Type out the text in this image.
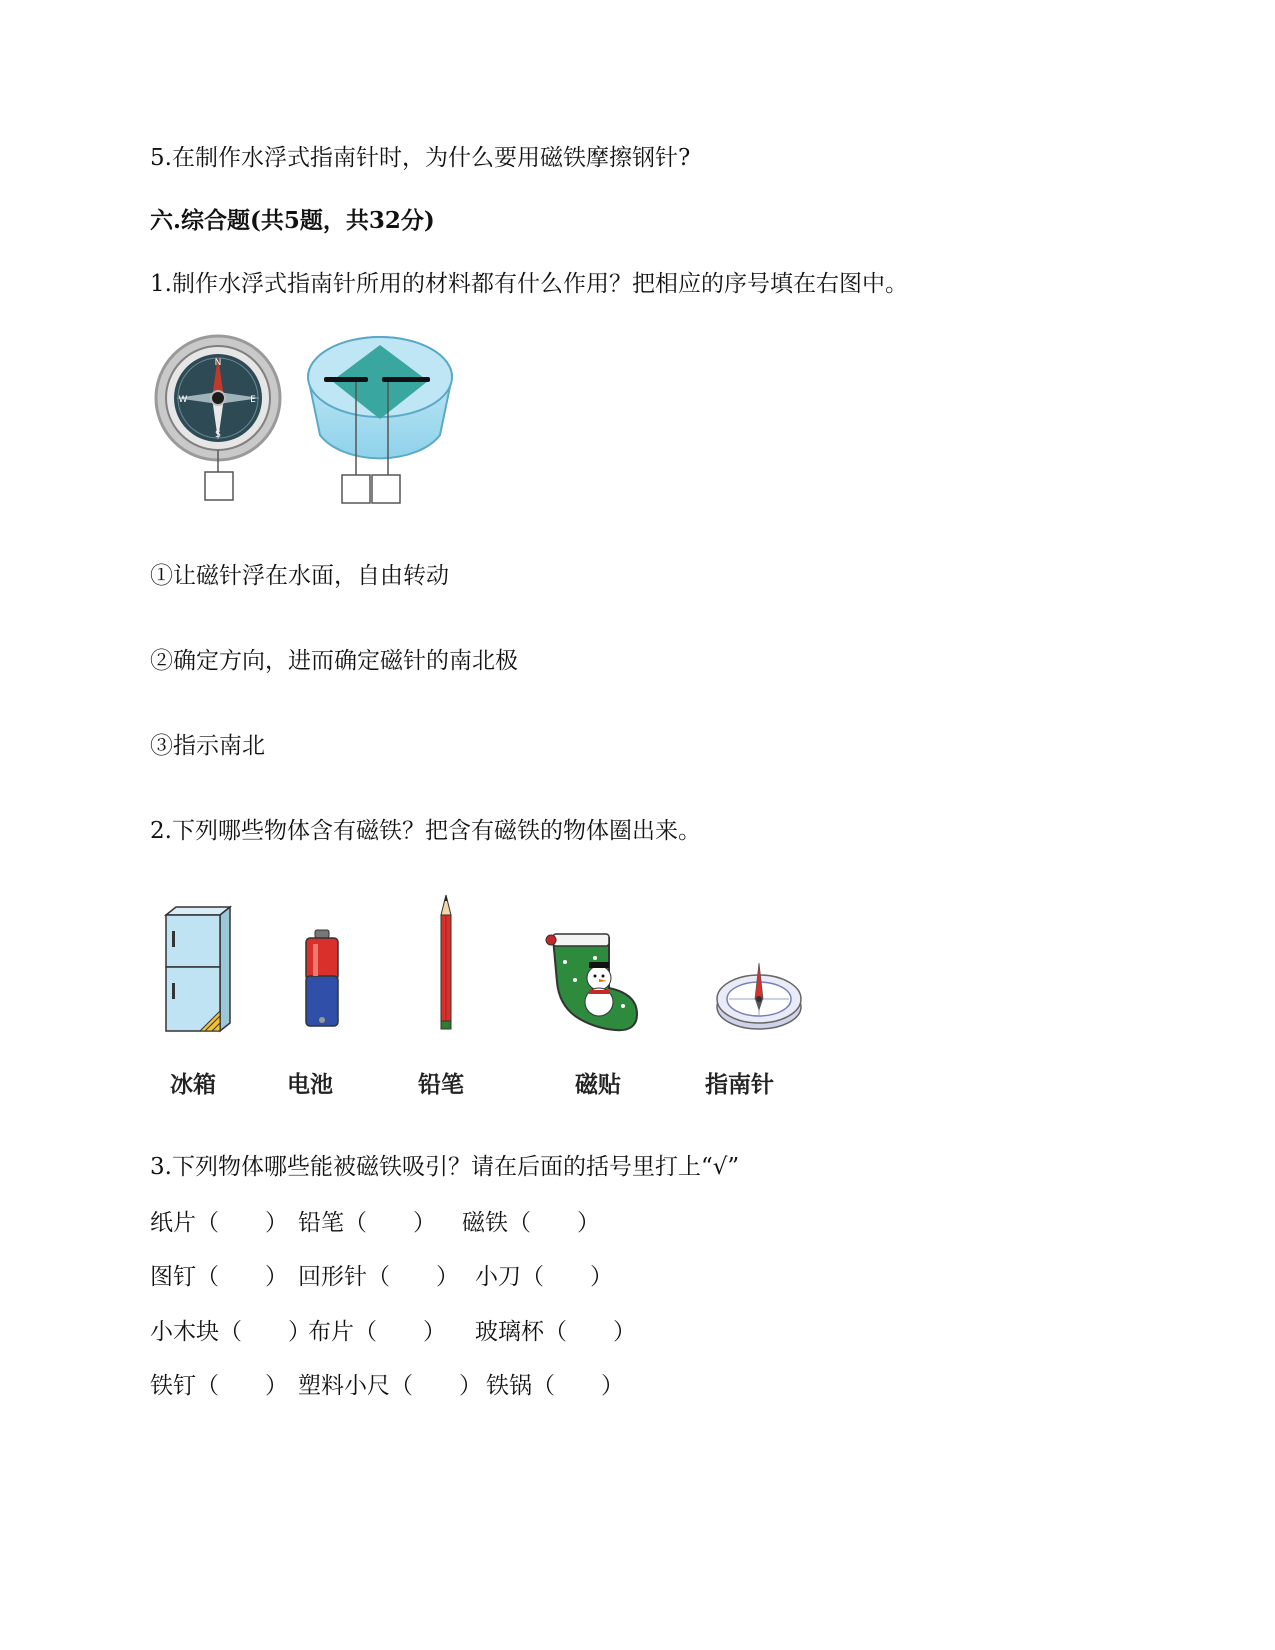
5.在制作水浮式指南针时，为什么要用磁铁摩擦钢针?
六.综合题(共5题，共32分)
1.制作水浮式指南针所用的材料都有什么作用？把相应的序号填在右图中。
N
E
S
W
①让磁针浮在水面，自由转动
②确定方向，进而确定磁针的南北极
③指示南北
2.下列哪些物体含有磁铁？把含有磁铁的物体圈出来。
冰箱	电池	铅笔	磁贴	指南针
3.下列物体哪些能被磁铁吸引？请在后面的括号里打上“√”
纸片（　　） 铅笔（　　） 磁铁（　　）
图钉（　　） 回形针（　　） 小刀（　　）
小木块（　　）
布片（　　） 玻璃杯（　　）
铁钉（　　） 塑料小尺（　　） 铁锅（　　）
